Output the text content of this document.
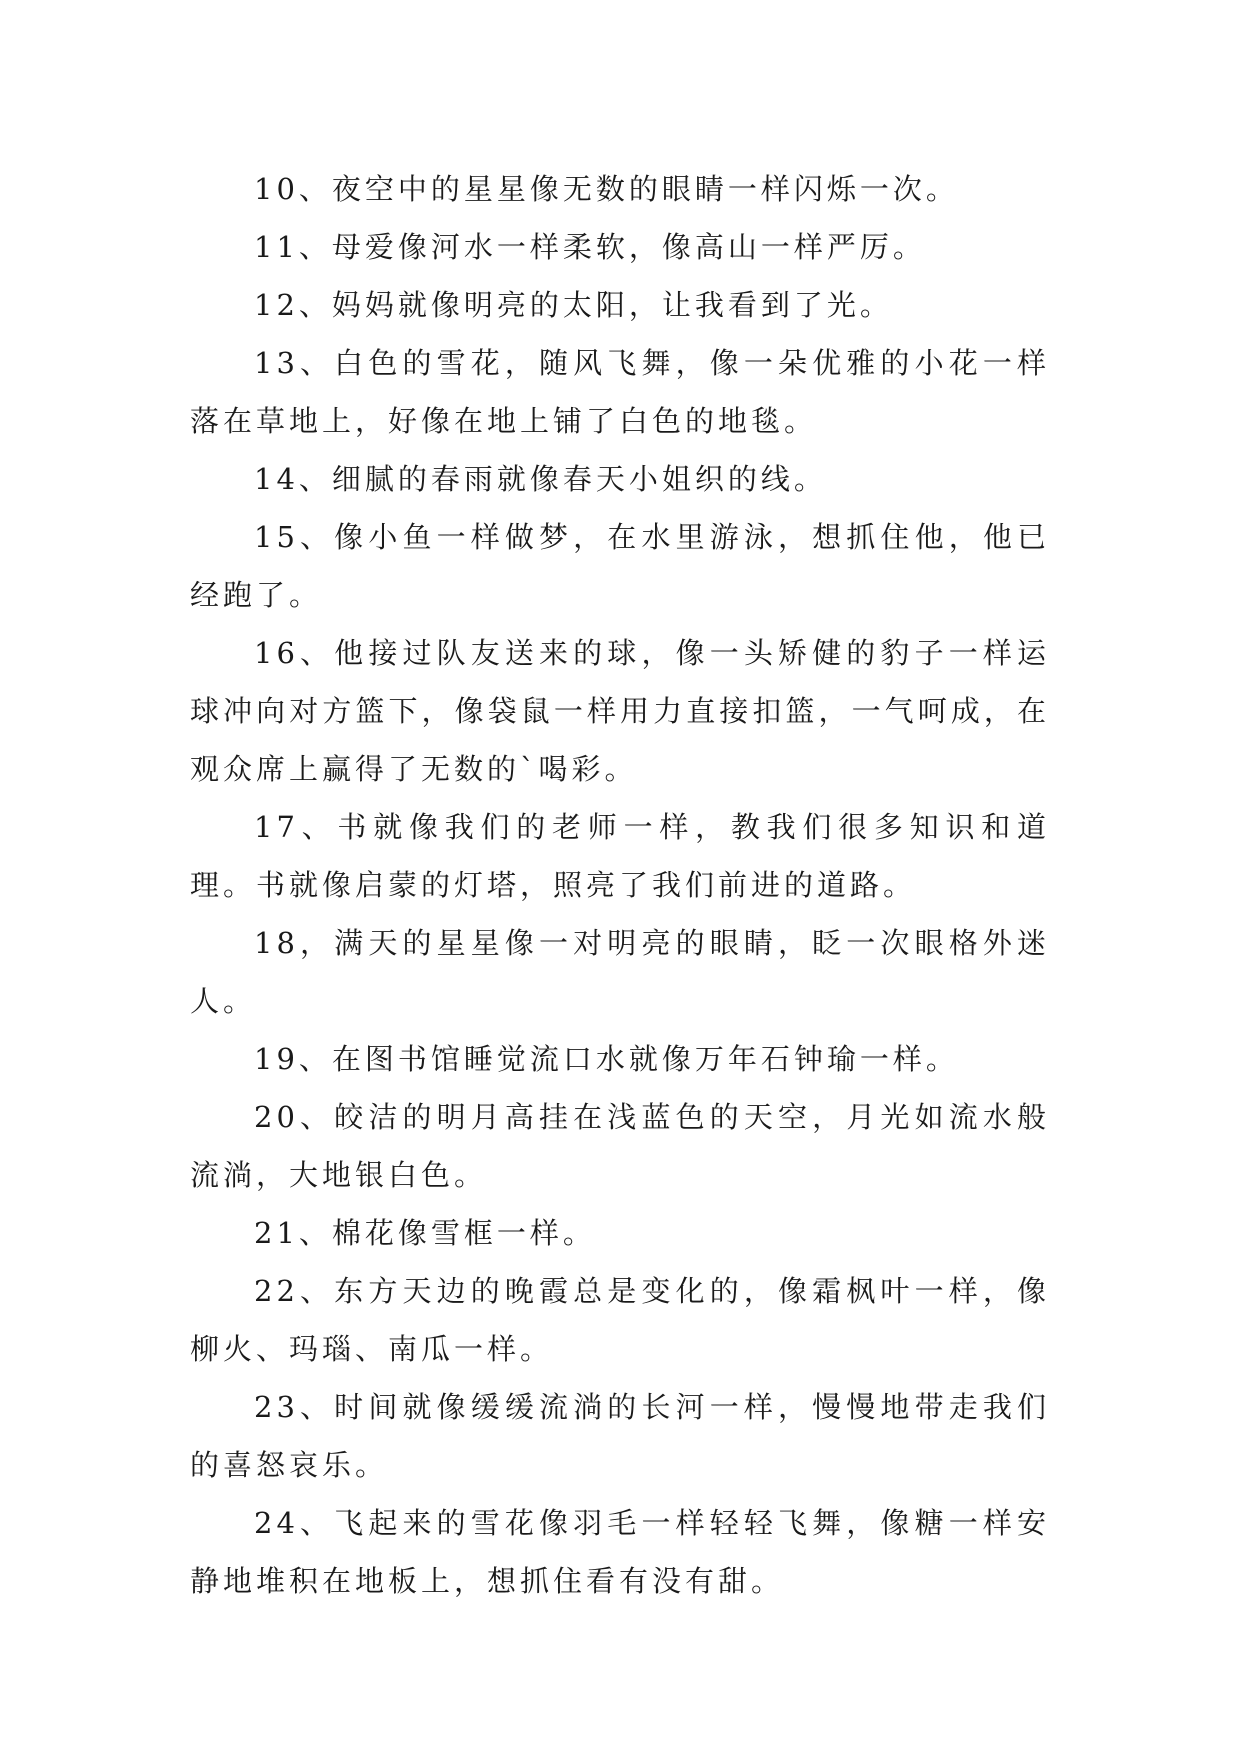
10、夜空中的星星像无数的眼睛一样闪烁一次。

11、母爱像河水一样柔软，像高山一样严厉。

12、妈妈就像明亮的太阳，让我看到了光。

13、白色的雪花，随风飞舞，像一朵优雅的小花一样落在草地上，好像在地上铺了白色的地毯。

14、细腻的春雨就像春天小姐织的线。

15、像小鱼一样做梦，在水里游泳，想抓住他，他已经跑了。

16、他接过队友送来的球，像一头矫健的豹子一样运球冲向对方篮下，像袋鼠一样用力直接扣篮，一气呵成，在观众席上赢得了无数的`喝彩。

17、书就像我们的老师一样，教我们很多知识和道理。书就像启蒙的灯塔，照亮了我们前进的道路。

18，满天的星星像一对明亮的眼睛，眨一次眼格外迷人。

19、在图书馆睡觉流口水就像万年石钟瑜一样。

20、皎洁的明月高挂在浅蓝色的天空，月光如流水般流淌，大地银白色。

21、棉花像雪框一样。

22、东方天边的晚霞总是变化的，像霜枫叶一样，像柳火、玛瑙、南瓜一样。

23、时间就像缓缓流淌的长河一样，慢慢地带走我们的喜怒哀乐。

24、飞起来的雪花像羽毛一样轻轻飞舞，像糖一样安静地堆积在地板上，想抓住看有没有甜。
